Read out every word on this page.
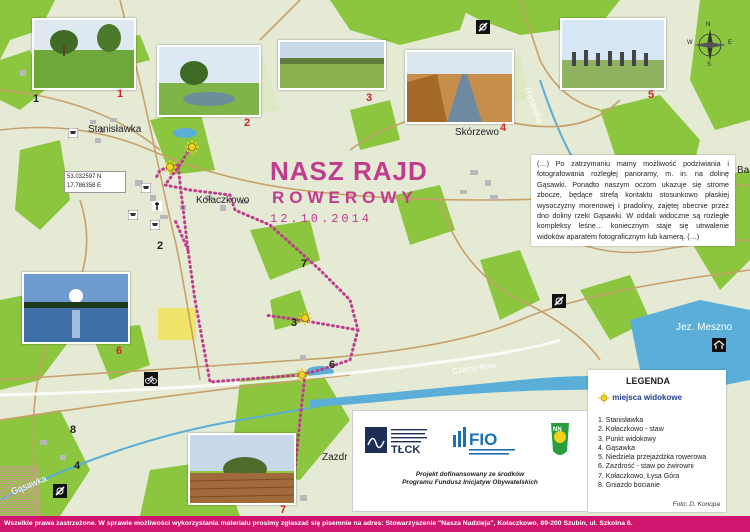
N
E
S
W
1
2
3
4
5
6
7
1
2
3
4
6
7
8
Stanisławka
Kołaczkowo
Skórzewo
Zazdr
Czarny Rów
Gąsawka
Gąsawka
Jez. Meszno
Ba
NASZ RAJD
ROWEROWY
12.10.2014
53.032597 N
17.786358 E
(…) Po zatrzymaniu mamy możliwość podziwiania i fotografowania rozległej panoramy, m. in. na dolinę Gąsawki. Ponadto naszym oczom ukazuje się strome zbocze, będące strefą kontaktu stosunkowo płaskiej wysoczyzny morenowej i pradoliny, zajętej obecnie przez dno doliny rzeki Gąsawki. W oddali widoczne są rozległe kompleksy leśne… koniecznym staje się utrwalenie widoków aparatem fotograficznym lub kamerą. (…)
LEGENDA
miejsca widokowe
1. Stanisławka
2. Kołaczkowo - staw
3. Punkt widokowy
4. Gąsawka
5. Niedziela przejażdżka rowerowa
6. Zazdrość - staw po żwirowni
7. Kołaczkowo, Łysa Góra
8. Gniazdo bocianie
Foto: D. Konopa
TŁCK
FIO	NN
Projekt dofinansowany ze środków
Programu Fundusz Inicjatyw Obywatelskich
Wszelkie prawa zastrzeżone. W sprawie możliwości wykorzystania materiału prosimy zgłaszać się pisemnie na adres: Stowarzyszenie "Nasza Nadzieja", Kołaczkowo, 89-200 Szubin, ul. Szkolna 6.
